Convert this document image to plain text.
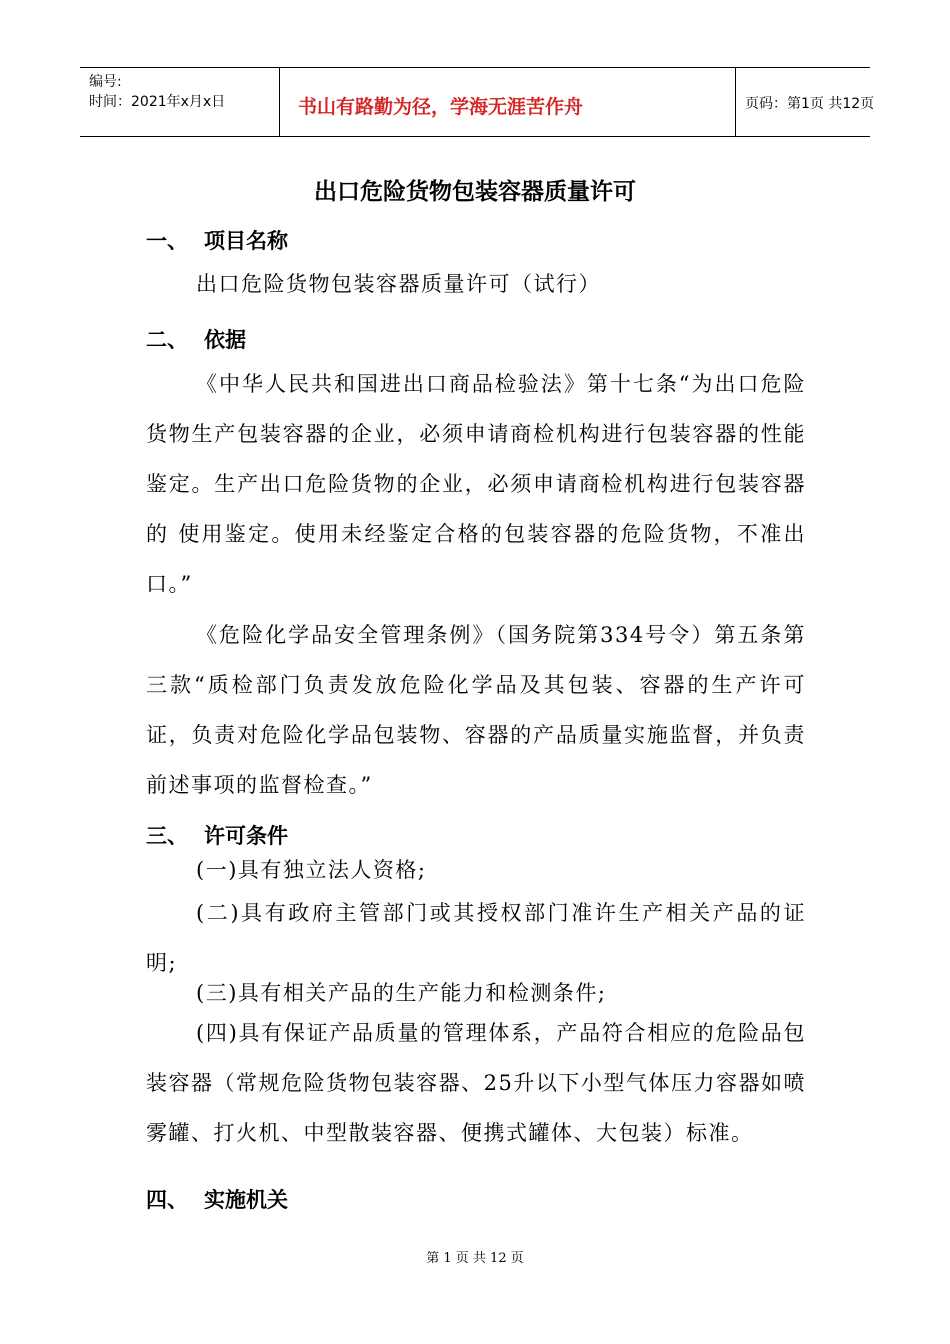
编号:
时间：2021年x月x日	书山有路勤为径，学海无涯苦作舟	页码：第1页 共12页
出口危险货物包装容器质量许可
一、 项目名称
出口危险货物包装容器质量许可（试行）
二、 依据
《中华人民共和国进出口商品检验法》第十七条“为出口危险货物生产包装容器的企业，必须申请商检机构进行包装容器的性能鉴定。生产出口危险货物的企业，必须申请商检机构进行包装容器的 使用鉴定。使用未经鉴定合格的包装容器的危险货物，不准出口。”
《危险化学品安全管理条例》（国务院第334号令）第五条第三款“质检部门负责发放危险化学品及其包装、容器的生产许可证，负责对危险化学品包装物、容器的产品质量实施监督，并负责前述事项的监督检查。”
三、 许可条件
(一)具有独立法人资格;
(二)具有政府主管部门或其授权部门准许生产相关产品的证明;
(三)具有相关产品的生产能力和检测条件;
(四)具有保证产品质量的管理体系，产品符合相应的危险品包装容器（常规危险货物包装容器、25升以下小型气体压力容器如喷雾罐、打火机、中型散装容器、便携式罐体、大包装）标准。
四、 实施机关
第 1 页 共 12 页
